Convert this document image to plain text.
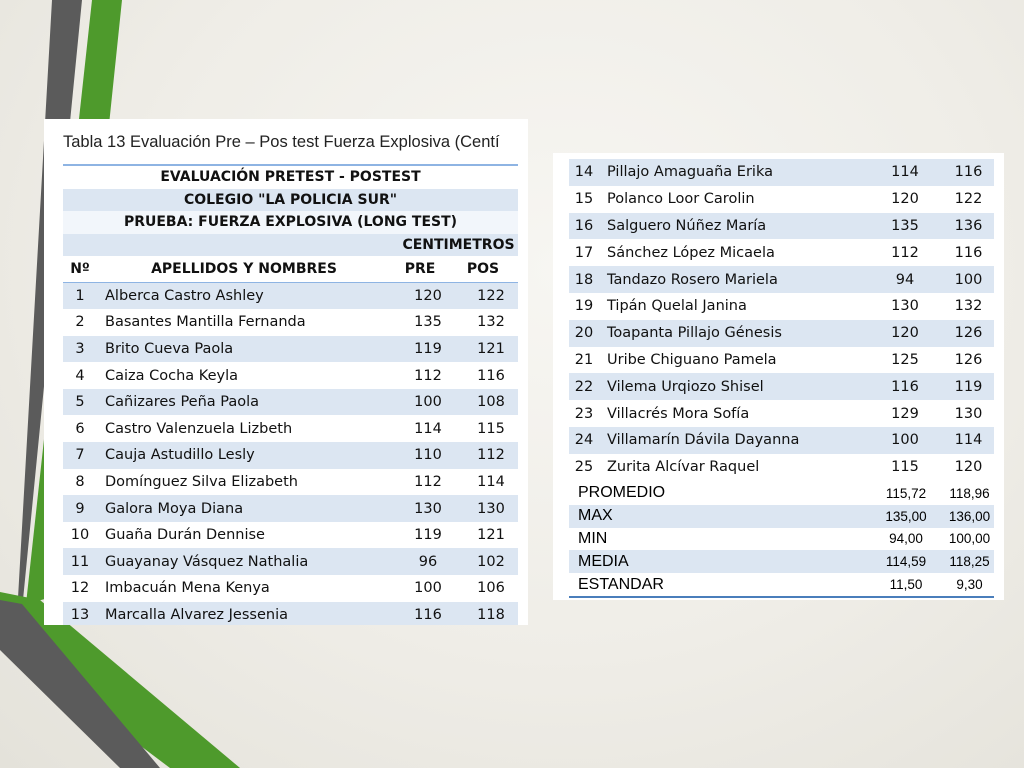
Tabla 13 Evaluación Pre – Pos test Fuerza Explosiva (Centí
EVALUACIÓN PRETEST - POSTEST
COLEGIO "LA POLICIA SUR"
PRUEBA: FUERZA EXPLOSIVA (LONG TEST)
CENTIMETROS
Nº	APELLIDOS Y NOMBRES	PRE	POS
1	Alberca Castro Ashley	120	122
2	Basantes Mantilla Fernanda	135	132
3	Brito Cueva Paola	119	121
4	Caiza Cocha Keyla	112	116
5	Cañizares Peña Paola	100	108
6	Castro Valenzuela Lizbeth	114	115
7	Cauja Astudillo Lesly	110	112
8	Domínguez Silva Elizabeth	112	114
9	Galora Moya Diana	130	130
10	Guaña Durán Dennise	119	121
11	Guayanay Vásquez Nathalia	96	102
12	Imbacuán Mena Kenya	100	106
13	Marcalla Alvarez Jessenia	116	118
14 Pillajo Amaguaña Erika	114	116
15 Polanco Loor Carolin	120	122
16 Salguero Núñez María	135	136
17 Sánchez López Micaela	112	116
18 Tandazo Rosero Mariela	94	100
19 Tipán Quelal Janina	130	132
20 Toapanta Pillajo Génesis	120	126
21 Uribe Chiguano Pamela	125	126
22 Vilema Urqiozo Shisel	116	119
23 Villacrés Mora Sofía	129	130
24 Villamarín Dávila Dayanna	100	114
25 Zurita Alcívar Raquel	115	120
PROMEDIO	115,72	118,96
MAX	135,00	136,00
MIN	94,00	100,00
MEDIA	114,59	118,25
ESTANDAR	11,50	9,30
